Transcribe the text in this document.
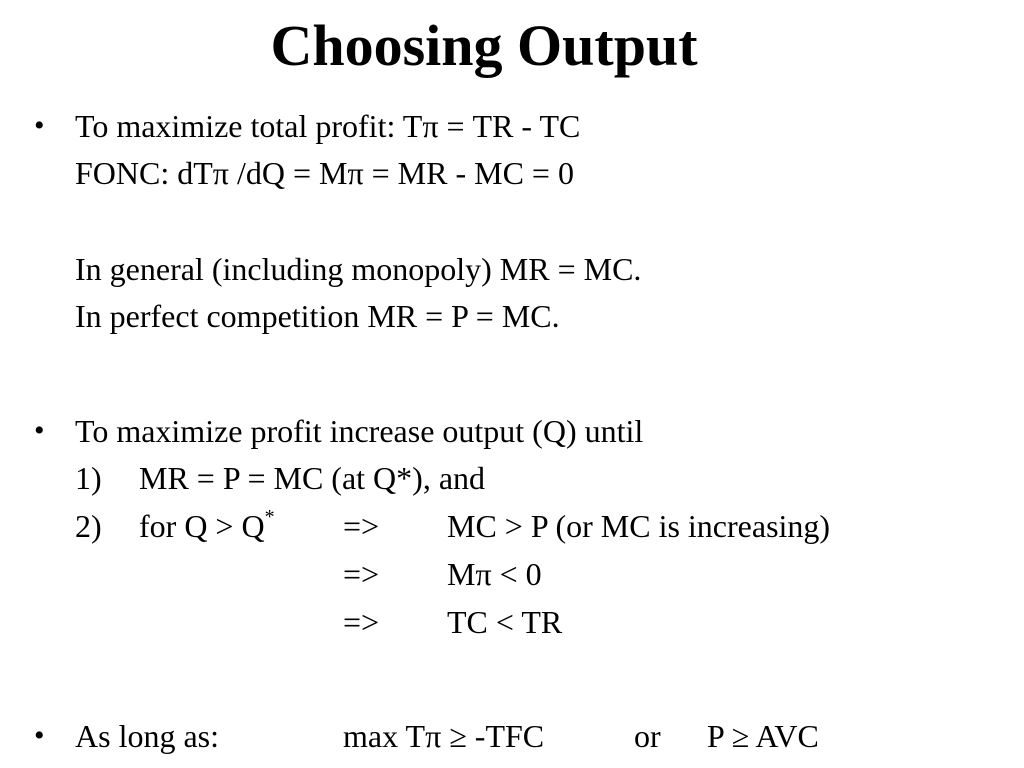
Choosing Output
• To maximize total profit: Tπ = TR - TC
FONC: dTπ /dQ = Mπ = MR - MC = 0
In general (including monopoly) MR = MC.
In perfect competition MR = P = MC.
• To maximize profit increase output (Q) until
1) MR = P = MC (at Q*), and
2) for Q > Q* => MC > P (or MC is increasing)
=> Mπ < 0
=> TC < TR
• As long as:	max Tπ ≥ -TFC	or P ≥ AVC
